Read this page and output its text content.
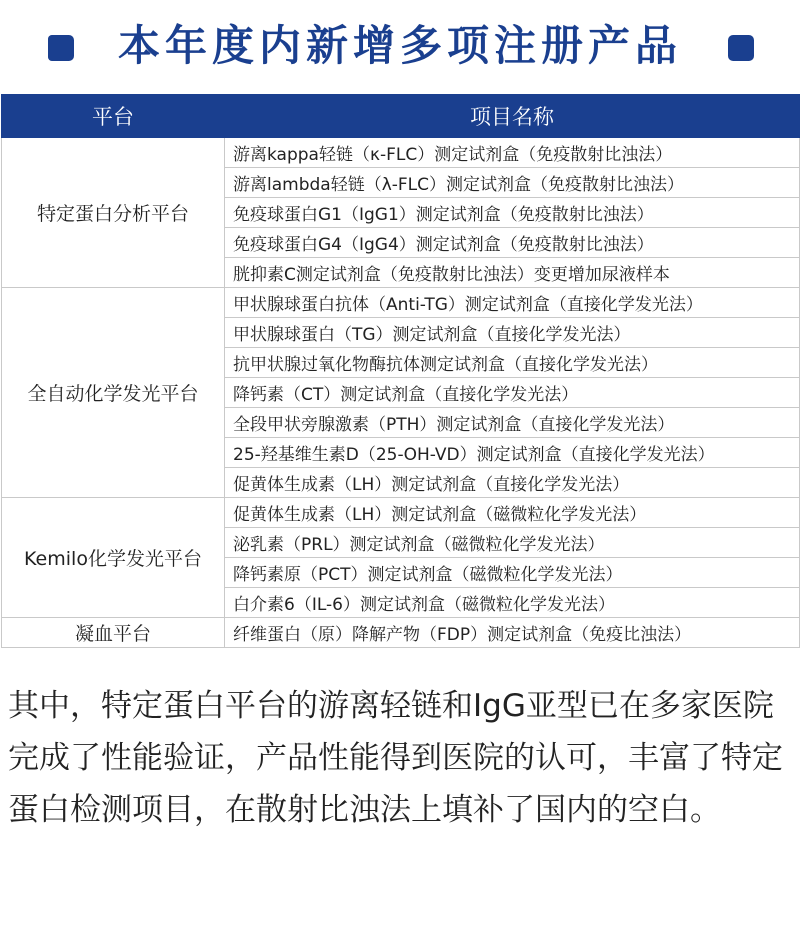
本年度内新增多项注册产品
平台	项目名称
特定蛋白分析平台	游离kappa轻链（κ-FLC）测定试剂盒（免疫散射比浊法）
	游离lambda轻链（λ-FLC）测定试剂盒（免疫散射比浊法）
	免疫球蛋白G1（IgG1）测定试剂盒（免疫散射比浊法）
	免疫球蛋白G4（IgG4）测定试剂盒（免疫散射比浊法）
	胱抑素C测定试剂盒（免疫散射比浊法）变更增加尿液样本
全自动化学发光平台	甲状腺球蛋白抗体（Anti-TG）测定试剂盒（直接化学发光法）
	甲状腺球蛋白（TG）测定试剂盒（直接化学发光法）
	抗甲状腺过氧化物酶抗体测定试剂盒（直接化学发光法）
	降钙素（CT）测定试剂盒（直接化学发光法）
	全段甲状旁腺激素（PTH）测定试剂盒（直接化学发光法）
	25-羟基维生素D（25-OH-VD）测定试剂盒（直接化学发光法）
	促黄体生成素（LH）测定试剂盒（直接化学发光法）
Kemilo化学发光平台	促黄体生成素（LH）测定试剂盒（磁微粒化学发光法）
	泌乳素（PRL）测定试剂盒（磁微粒化学发光法）
	降钙素原（PCT）测定试剂盒（磁微粒化学发光法）
	白介素6（IL-6）测定试剂盒（磁微粒化学发光法）
凝血平台	纤维蛋白（原）降解产物（FDP）测定试剂盒（免疫比浊法）
其中，特定蛋白平台的游离轻链和IgG亚型已在多家医院完成了性能验证，产品性能得到医院的认可，丰富了特定蛋白检测项目，在散射比浊法上填补了国内的空白。
